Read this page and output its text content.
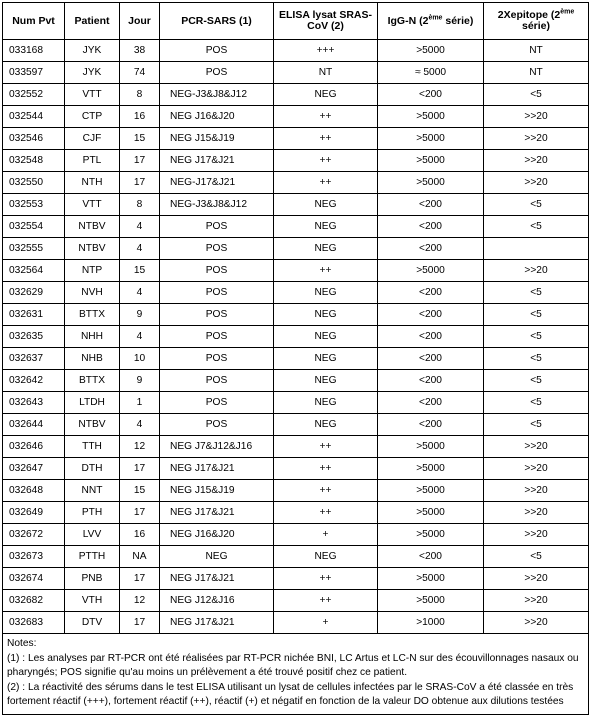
Num Pvt	Patient	Jour	PCR-SARS (1)	ELISA lysat SRAS-CoV (2)	IgG-N (2ème série)	2Xepitope (2ème série)
033168	JYK	38	POS	+++	>5000	NT
033597	JYK	74	POS	NT	≈ 5000	NT
032552	VTT	8	NEG-J3&J8&J12	NEG	<200	<5
032544	CTP	16	NEG J16&J20	++	>5000	>>20
032546	CJF	15	NEG J15&J19	++	>5000	>>20
032548	PTL	17	NEG J17&J21	++	>5000	>>20
032550	NTH	17	NEG-J17&J21	++	>5000	>>20
032553	VTT	8	NEG-J3&J8&J12	NEG	<200	<5
032554	NTBV	4	POS	NEG	<200	<5
032555	NTBV	4	POS	NEG	<200	
032564	NTP	15	POS	++	>5000	>>20
032629	NVH	4	POS	NEG	<200	<5
032631	BTTX	9	POS	NEG	<200	<5
032635	NHH	4	POS	NEG	<200	<5
032637	NHB	10	POS	NEG	<200	<5
032642	BTTX	9	POS	NEG	<200	<5
032643	LTDH	1	POS	NEG	<200	<5
032644	NTBV	4	POS	NEG	<200	<5
032646	TTH	12	NEG J7&J12&J16	++	>5000	>>20
032647	DTH	17	NEG J17&J21	++	>5000	>>20
032648	NNT	15	NEG J15&J19	++	>5000	>>20
032649	PTH	17	NEG J17&J21	++	>5000	>>20
032672	LVV	16	NEG J16&J20	+	>5000	>>20
032673	PTTH	NA	NEG	NEG	<200	<5
032674	PNB	17	NEG J17&J21	++	>5000	>>20
032682	VTH	12	NEG J12&J16	++	>5000	>>20
032683	DTV	17	NEG J17&J21	+	>1000	>>20

Notes:

(1) : Les analyses par RT-PCR ont été réalisées par RT-PCR nichée BNI, LC Artus et LC-N sur des écouvillonnages nasaux ou pharyngés; POS signifie qu'au moins un prélèvement a été trouvé positif chez ce patient.

(2) : La réactivité des sérums dans le test ELISA utilisant un lysat de cellules infectées par le SRAS-CoV a été classée en très fortement réactif (+++), fortement réactif (++), réactif (+) et négatif en fonction de la valeur DO obtenue aux dilutions testées
